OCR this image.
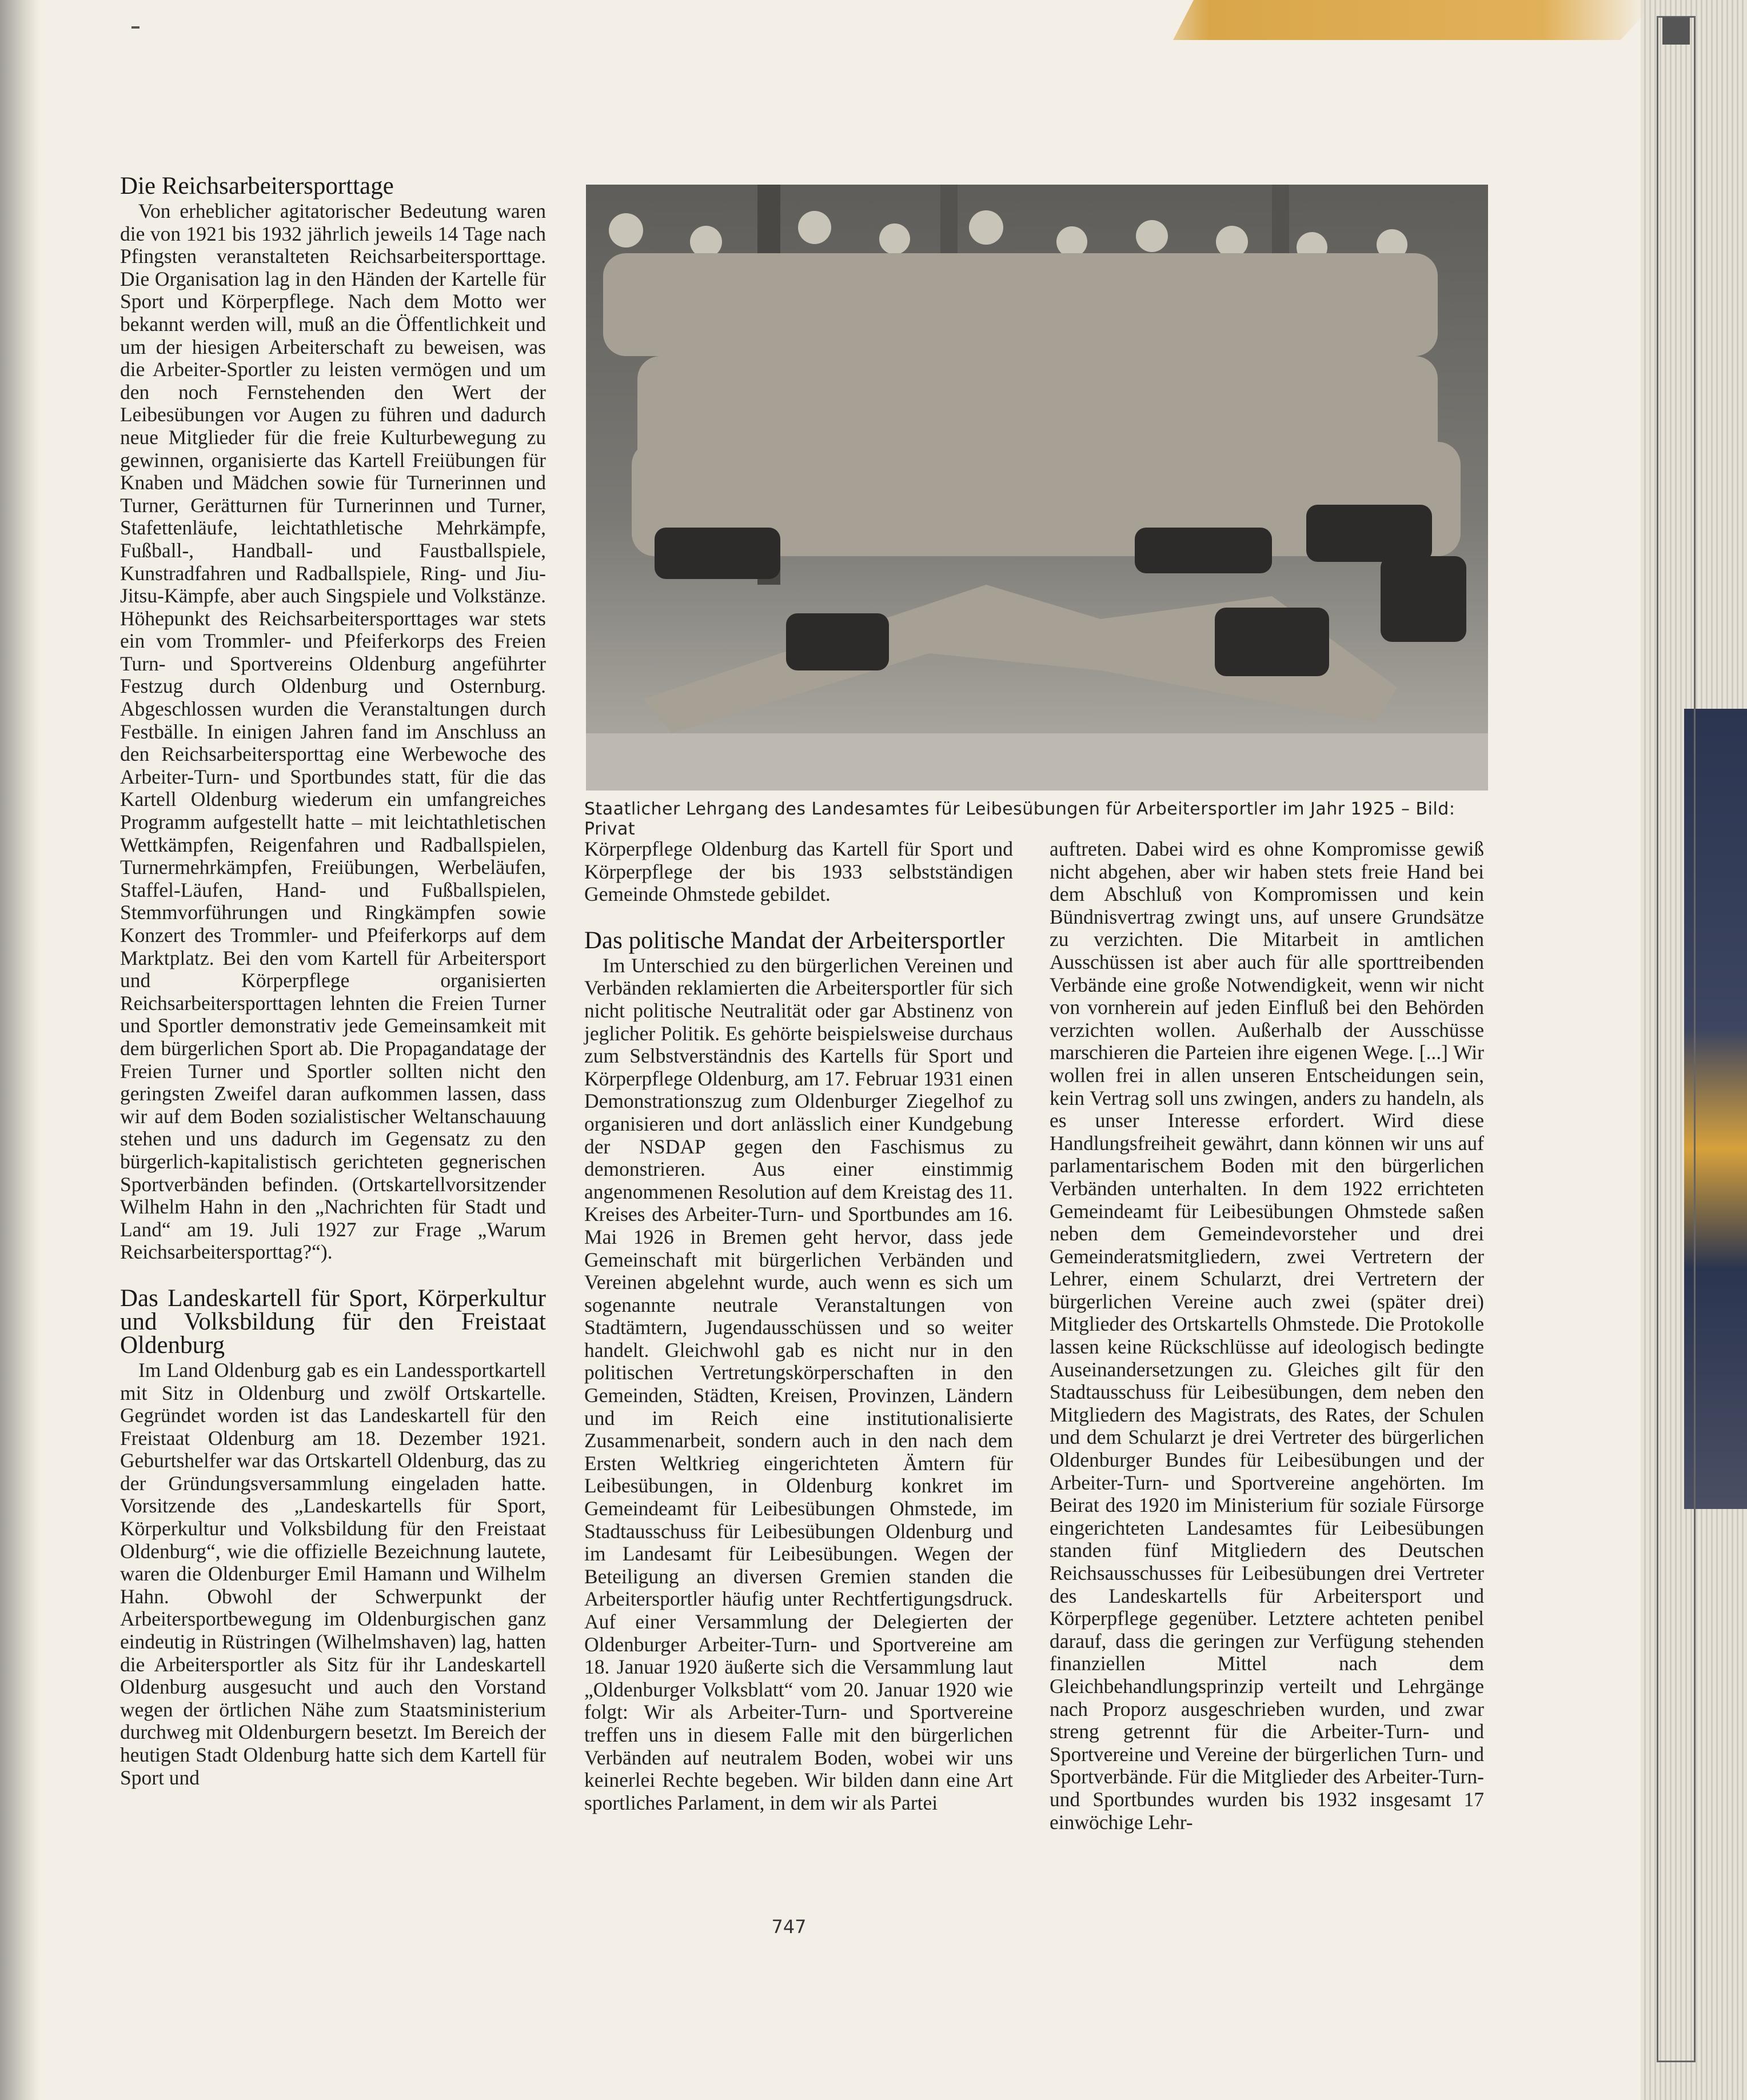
Die Reichsarbeitersporttage

Von erheblicher agitatorischer Bedeutung waren die von 1921 bis 1932 jährlich jeweils 14 Tage nach Pfingsten veranstalteten Reichsarbeitersporttage. Die Organisation lag in den Händen der Kartelle für Sport und Körperpflege. Nach dem Motto wer bekannt werden will, muß an die Öffentlichkeit und um der hiesigen Arbeiterschaft zu beweisen, was die Arbeiter-Sportler zu leisten vermögen und um den noch Fernstehenden den Wert der Leibesübungen vor Augen zu führen und dadurch neue Mitglieder für die freie Kulturbewegung zu gewinnen, organisierte das Kartell Freiübungen für Knaben und Mädchen sowie für Turnerinnen und Turner, Gerätturnen für Turnerinnen und Turner, Stafettenläufe, leichtathletische Mehrkämpfe, Fußball-, Handball- und Faustballspiele, Kunstradfahren und Radballspiele, Ring- und Jiu-Jitsu-Kämpfe, aber auch Singspiele und Volkstänze. Höhepunkt des Reichsarbeitersporttages war stets ein vom Trommler- und Pfeiferkorps des Freien Turn- und Sportvereins Oldenburg angeführter Festzug durch Oldenburg und Osternburg. Abgeschlossen wurden die Veranstaltungen durch Festbälle. In einigen Jahren fand im Anschluss an den Reichsarbeitersporttag eine Werbewoche des Arbeiter-Turn- und Sportbundes statt, für die das Kartell Oldenburg wiederum ein umfangreiches Programm aufgestellt hatte – mit leichtathletischen Wettkämpfen, Reigenfahren und Radballspielen, Turnermehrkämpfen, Freiübungen, Werbeläufen, Staffel-Läufen, Hand- und Fußballspielen, Stemmvorführungen und Ringkämpfen sowie Konzert des Trommler- und Pfeiferkorps auf dem Marktplatz. Bei den vom Kartell für Arbeitersport und Körperpflege organisierten Reichsarbeitersporttagen lehnten die Freien Turner und Sportler demonstrativ jede Gemeinsamkeit mit dem bürgerlichen Sport ab. Die Propagandatage der Freien Turner und Sportler sollten nicht den geringsten Zweifel daran aufkommen lassen, dass wir auf dem Boden sozialistischer Weltanschauung stehen und uns dadurch im Gegensatz zu den bürgerlich-kapitalistisch gerichteten gegnerischen Sportverbänden befinden. (Ortskartellvorsitzender Wilhelm Hahn in den „Nachrichten für Stadt und Land“ am 19. Juli 1927 zur Frage „Warum Reichsarbeitersporttag?“).

Das Landeskartell für Sport, Körperkultur und Volksbildung für den Freistaat Oldenburg

Im Land Oldenburg gab es ein Landessportkartell mit Sitz in Oldenburg und zwölf Ortskartelle. Gegründet worden ist das Landeskartell für den Freistaat Oldenburg am 18. Dezember 1921. Geburtshelfer war das Ortskartell Oldenburg, das zu der Gründungsversammlung eingeladen hatte. Vorsitzende des „Landeskartells für Sport, Körperkultur und Volksbildung für den Freistaat Oldenburg“, wie die offizielle Bezeichnung lautete, waren die Oldenburger Emil Hamann und Wilhelm Hahn. Obwohl der Schwerpunkt der Arbeitersportbewegung im Oldenburgischen ganz eindeutig in Rüstringen (Wilhelmshaven) lag, hatten die Arbeitersportler als Sitz für ihr Landeskartell Oldenburg ausgesucht und auch den Vorstand wegen der örtlichen Nähe zum Staatsministerium durchweg mit Oldenburgern besetzt. Im Bereich der heutigen Stadt Oldenburg hatte sich dem Kartell für Sport und

Staatlicher Lehrgang des Landesamtes für Leibesübungen für Arbeitersportler im Jahr 1925 – Bild: Privat

Körperpflege Oldenburg das Kartell für Sport und Körperpflege der bis 1933 selbstständigen Gemeinde Ohmstede gebildet.

Das politische Mandat der Arbeitersportler

Im Unterschied zu den bürgerlichen Vereinen und Verbänden reklamierten die Arbeitersportler für sich nicht politische Neutralität oder gar Abstinenz von jeglicher Politik. Es gehörte beispielsweise durchaus zum Selbstverständnis des Kartells für Sport und Körperpflege Oldenburg, am 17. Februar 1931 einen Demonstrationszug zum Oldenburger Ziegelhof zu organisieren und dort anlässlich einer Kundgebung der NSDAP gegen den Faschismus zu demonstrieren. Aus einer einstimmig angenommenen Resolution auf dem Kreistag des 11. Kreises des Arbeiter-Turn- und Sportbundes am 16. Mai 1926 in Bremen geht hervor, dass jede Gemeinschaft mit bürgerlichen Verbänden und Vereinen abgelehnt wurde, auch wenn es sich um sogenannte neutrale Veranstaltungen von Stadtämtern, Jugendausschüssen und so weiter handelt. Gleichwohl gab es nicht nur in den politischen Vertretungskörperschaften in den Gemeinden, Städten, Kreisen, Provinzen, Ländern und im Reich eine institutionalisierte Zusammenarbeit, sondern auch in den nach dem Ersten Weltkrieg eingerichteten Ämtern für Leibesübungen, in Oldenburg konkret im Gemeindeamt für Leibesübungen Ohmstede, im Stadtausschuss für Leibesübungen Oldenburg und im Landesamt für Leibesübungen. Wegen der Beteiligung an diversen Gremien standen die Arbeitersportler häufig unter Rechtfertigungsdruck. Auf einer Versammlung der Delegierten der Oldenburger Arbeiter-Turn- und Sportvereine am 18. Januar 1920 äußerte sich die Versammlung laut „Oldenburger Volksblatt“ vom 20. Januar 1920 wie folgt: Wir als Arbeiter-Turn- und Sportvereine treffen uns in diesem Falle mit den bürgerlichen Verbänden auf neutralem Boden, wobei wir uns keinerlei Rechte begeben. Wir bilden dann eine Art sportliches Parlament, in dem wir als Partei

auftreten. Dabei wird es ohne Kompromisse gewiß nicht abgehen, aber wir haben stets freie Hand bei dem Abschluß von Kompromissen und kein Bündnisvertrag zwingt uns, auf unsere Grundsätze zu verzichten. Die Mitarbeit in amtlichen Ausschüssen ist aber auch für alle sporttreibenden Verbände eine große Notwendigkeit, wenn wir nicht von vornherein auf jeden Einfluß bei den Behörden verzichten wollen. Außerhalb der Ausschüsse marschieren die Parteien ihre eigenen Wege. [...] Wir wollen frei in allen unseren Entscheidungen sein, kein Vertrag soll uns zwingen, anders zu handeln, als es unser Interesse erfordert. Wird diese Handlungsfreiheit gewährt, dann können wir uns auf parlamentarischem Boden mit den bürgerlichen Verbänden unterhalten. In dem 1922 errichteten Gemeindeamt für Leibesübungen Ohmstede saßen neben dem Gemeindevorsteher und drei Gemeinderatsmitgliedern, zwei Vertretern der Lehrer, einem Schularzt, drei Vertretern der bürgerlichen Vereine auch zwei (später drei) Mitglieder des Ortskartells Ohmstede. Die Protokolle lassen keine Rückschlüsse auf ideologisch bedingte Auseinandersetzungen zu. Gleiches gilt für den Stadtausschuss für Leibesübungen, dem neben den Mitgliedern des Magistrats, des Rates, der Schulen und dem Schularzt je drei Vertreter des bürgerlichen Oldenburger Bundes für Leibesübungen und der Arbeiter-Turn- und Sportvereine angehörten. Im Beirat des 1920 im Ministerium für soziale Fürsorge eingerichteten Landesamtes für Leibesübungen standen fünf Mitgliedern des Deutschen Reichsausschusses für Leibesübungen drei Vertreter des Landeskartells für Arbeitersport und Körperpflege gegenüber. Letztere achteten penibel darauf, dass die geringen zur Verfügung stehenden finanziellen Mittel nach dem Gleichbehandlungsprinzip verteilt und Lehrgänge nach Proporz ausgeschrieben wurden, und zwar streng getrennt für die Arbeiter-Turn- und Sportvereine und Vereine der bürgerlichen Turn- und Sportverbände. Für die Mitglieder des Arbeiter-Turn- und Sportbundes wurden bis 1932 insgesamt 17 einwöchige Lehr-

747
